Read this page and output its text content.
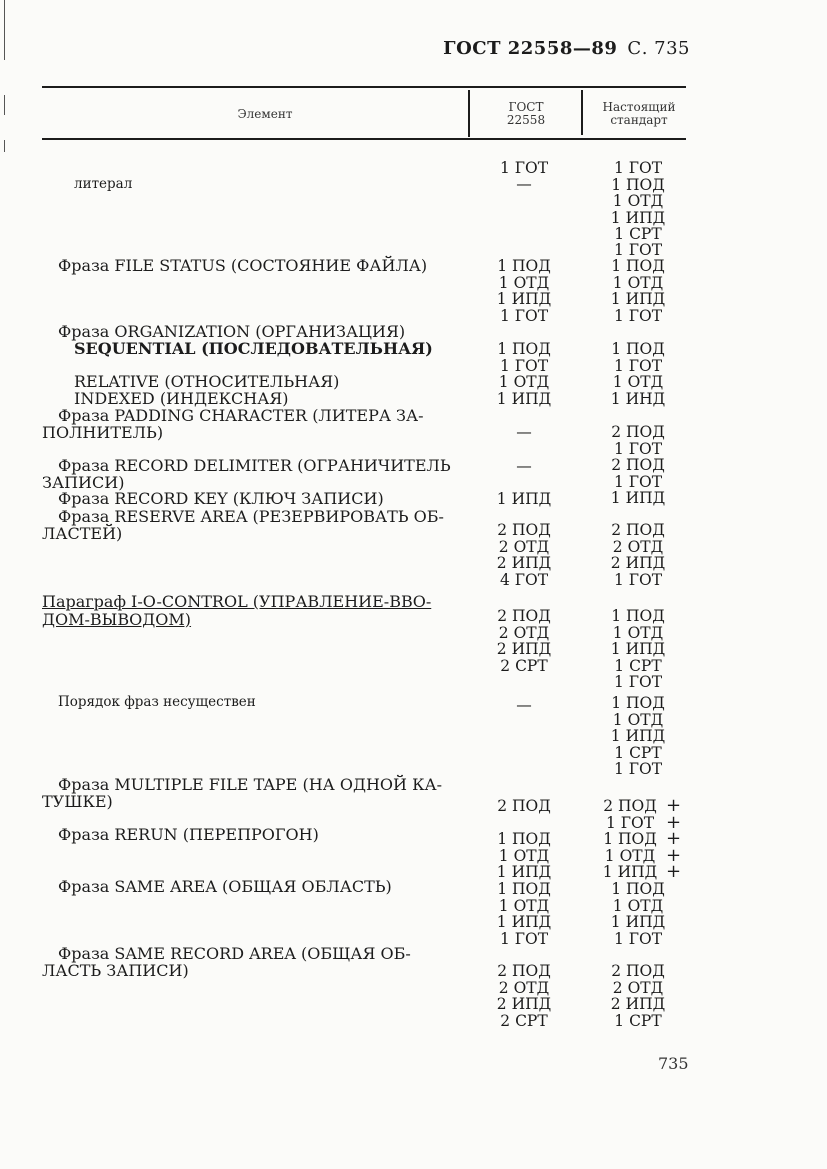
ГОСТ 22558—89 С. 735
Элемент	ГОСТ
22558
Настоящий
стандарт
литерал
Фраза FILE STATUS (СОСТОЯНИЕ ФАЙЛА)
Фраза ORGANIZATION (ОРГАНИЗАЦИЯ)
SEQUENTIAL (ПОСЛЕДОВАТЕЛЬНАЯ)
RELATIVE (ОТНОСИТЕЛЬНАЯ)
INDEXED (ИНДЕКСНАЯ)
Фраза PADDING CHARACTER (ЛИТЕРА ЗА-
ПОЛНИТЕЛЬ)
Фраза RECORD DELIMITER (ОГРАНИЧИТЕЛЬ
ЗАПИСИ)
Фраза RECORD KEY (КЛЮЧ ЗАПИСИ)
Фраза RESERVE AREA (РЕЗЕРВИРОВАТЬ ОБ-
ЛАСТЕЙ)
Параграф I-O-CONTROL (УПРАВЛЕНИЕ-ВВО-
ДОМ-ВЫВОДОМ)
Порядок фраз несуществен
Фраза MULTIPLE FILE TAPE (НА ОДНОЙ КА-
ТУШКЕ)
Фраза RERUN (ПЕРЕПРОГОН)
Фраза SAME AREA (ОБЩАЯ ОБЛАСТЬ)
Фраза SAME RECORD AREA (ОБЩАЯ ОБ-
ЛАСТЬ ЗАПИСИ)
1 ГОТ
—
1 ПОД
1 ОТД
1 ИПД
1 ГОТ
1 ПОД
1 ГОТ
1 ОТД
1 ИПД
—
—
1 ИПД
2 ПОД
2 ОТД
2 ИПД
4 ГОТ
2 ПОД
2 ОТД
2 ИПД
2 СРТ
—
2 ПОД
1 ПОД
1 ОТД
1 ИПД
1 ПОД
1 ОТД
1 ИПД
1 ГОТ
2 ПОД
2 ОТД
2 ИПД
2 СРТ
1 ГОТ
1 ПОД
1 ОТД
1 ИПД
1 СРТ
1 ГОТ
1 ПОД
1 ОТД
1 ИПД
1 ГОТ
1 ПОД
1 ГОТ
1 ОТД
1 ИНД
2 ПОД
1 ГОТ
2 ПОД
1 ГОТ
1 ИПД
2 ПОД
2 ОТД
2 ИПД
1 ГОТ
1 ПОД
1 ОТД
1 ИПД
1 СРТ
1 ГОТ
1 ПОД
1 ОТД
1 ИПД
1 СРТ
1 ГОТ
2 ПОД
1 ГОТ
1 ПОД
1 ОТД
1 ИПД
1 ПОД
1 ОТД
1 ИПД
1 ГОТ
2 ПОД
2 ОТД
2 ИПД
1 СРТ
+
+
+
+
+
735
